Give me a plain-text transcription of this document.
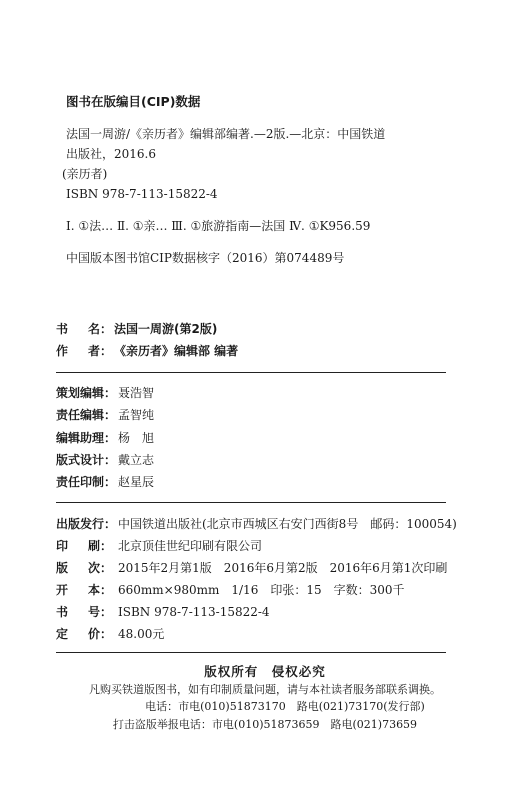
图书在版编目(CIP)数据
法国一周游/《亲历者》编辑部编著.—2版.—北京：中国铁道
出版社，2016.6
(亲历者)
ISBN 978-7-113-15822-4
Ⅰ. ①法… Ⅱ. ①亲… Ⅲ. ①旅游指南—法国 Ⅳ. ①K956.59
中国版本图书馆CIP数据核字（2016）第074489号
书 名： 法国一周游(第2版)
作 者： 《亲历者》编辑部 编著
策划编辑： 聂浩智
责任编辑： 孟智纯
编辑助理： 杨　旭
版式设计： 戴立志
责任印制： 赵星辰
出版发行： 中国铁道出版社(北京市西城区右安门西街8号　邮码：100054)
印 刷： 北京顶佳世纪印刷有限公司
版 次： 2015年2月第1版　2016年6月第2版　2016年6月第1次印刷
开 本： 660mm×980mm　1/16　印张：15　字数：300千
书 号： ISBN 978-7-113-15822-4
定 价： 48.00元
版权所有　侵权必究
凡购买铁道版图书，如有印制质量问题，请与本社读者服务部联系调换。
电话：市电(010)51873170　路电(021)73170(发行部)
打击盗版举报电话：市电(010)51873659　路电(021)73659
